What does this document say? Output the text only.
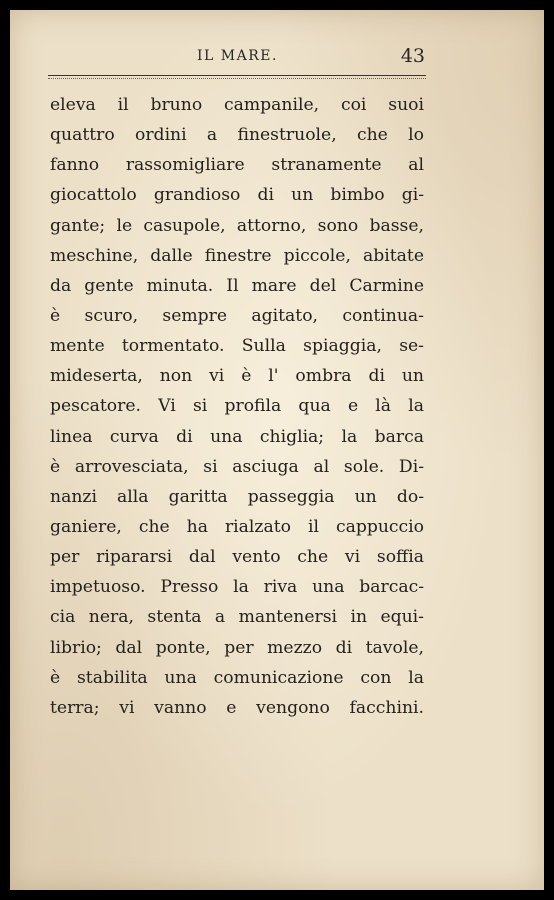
IL MARE.	43
eleva il bruno campanile, coi suoi
quattro ordini a finestruole, che lo
fanno rassomigliare stranamente al
giocattolo grandioso di un bimbo gi-
gante; le casupole, attorno, sono basse,
meschine, dalle finestre piccole, abitate
da gente minuta. Il mare del Carmine
è scuro, sempre agitato, continua-
mente tormentato. Sulla spiaggia, se-
mideserta, non vi è l' ombra di un
pescatore. Vi si profila qua e là la
linea curva di una chiglia; la barca
è arrovesciata, si asciuga al sole. Di-
nanzi alla garitta passeggia un do-
ganiere, che ha rialzato il cappuccio
per ripararsi dal vento che vi soffia
impetuoso. Presso la riva una barcac-
cia nera, stenta a mantenersi in equi-
librio; dal ponte, per mezzo di tavole,
è stabilita una comunicazione con la
terra; vi vanno e vengono facchini.
